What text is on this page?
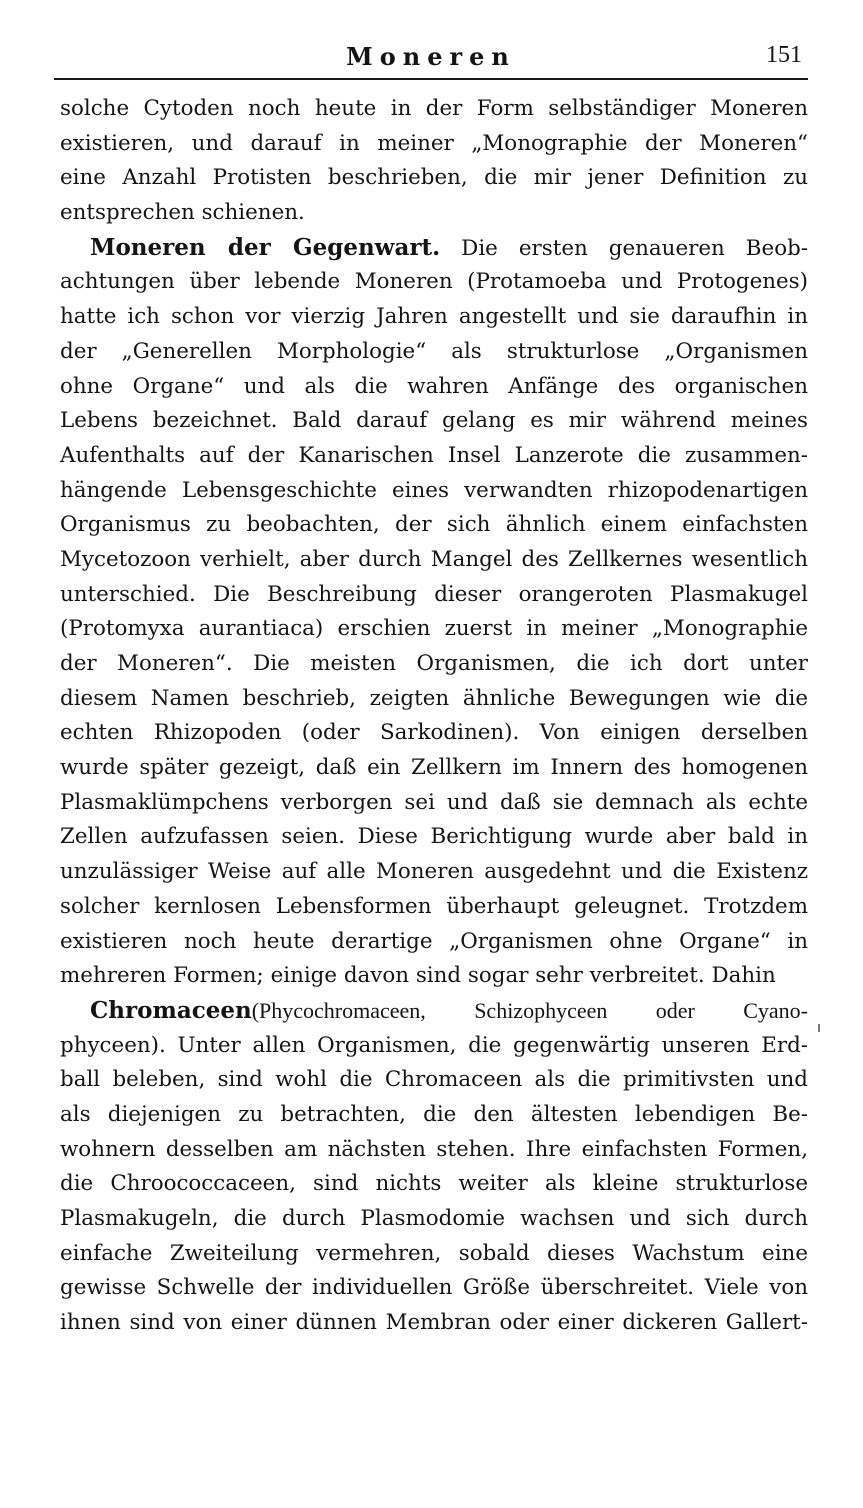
Moneren	151
solche Cytoden noch heute in der Form selbständiger Moneren
existieren, und darauf in meiner „Monographie der Moneren“
eine Anzahl Protisten beschrieben, die mir jener Definition zu
entsprechen schienen.
Moneren der Gegenwart. Die ersten genaueren Beob-
achtungen über lebende Moneren (Protamoeba und Protogenes)
hatte ich schon vor vierzig Jahren angestellt und sie daraufhin in
der „Generellen Morphologie“ als strukturlose „Organismen
ohne Organe“ und als die wahren Anfänge des organischen
Lebens bezeichnet. Bald darauf gelang es mir während meines
Aufenthalts auf der Kanarischen Insel Lanzerote die zusammen-
hängende Lebensgeschichte eines verwandten rhizopodenartigen
Organismus zu beobachten, der sich ähnlich einem einfachsten
Mycetozoon verhielt, aber durch Mangel des Zellkernes wesentlich
unterschied. Die Beschreibung dieser orangeroten Plasmakugel
(Protomyxa aurantiaca) erschien zuerst in meiner „Monographie
der Moneren“. Die meisten Organismen, die ich dort unter
diesem Namen beschrieb, zeigten ähnliche Bewegungen wie die
echten Rhizopoden (oder Sarkodinen). Von einigen derselben
wurde später gezeigt, daß ein Zellkern im Innern des homogenen
Plasmaklümpchens verborgen sei und daß sie demnach als echte
Zellen aufzufassen seien. Diese Berichtigung wurde aber bald in
unzulässiger Weise auf alle Moneren ausgedehnt und die Existenz
solcher kernlosen Lebensformen überhaupt geleugnet. Trotzdem
existieren noch heute derartige „Organismen ohne Organe“ in
mehreren Formen; einige davon sind sogar sehr verbreitet. Dahin
Chromaceen(Phycochromaceen, Schizophyceen oder Cyano-
phyceen). Unter allen Organismen, die gegenwärtig unseren Erd-
ball beleben, sind wohl die Chromaceen als die primitivsten und
als diejenigen zu betrachten, die den ältesten lebendigen Be-
wohnern desselben am nächsten stehen. Ihre einfachsten Formen,
die Chroococcaceen, sind nichts weiter als kleine strukturlose
Plasmakugeln, die durch Plasmodomie wachsen und sich durch
einfache Zweiteilung vermehren, sobald dieses Wachstum eine
gewisse Schwelle der individuellen Größe überschreitet. Viele von
ihnen sind von einer dünnen Membran oder einer dickeren Gallert-
